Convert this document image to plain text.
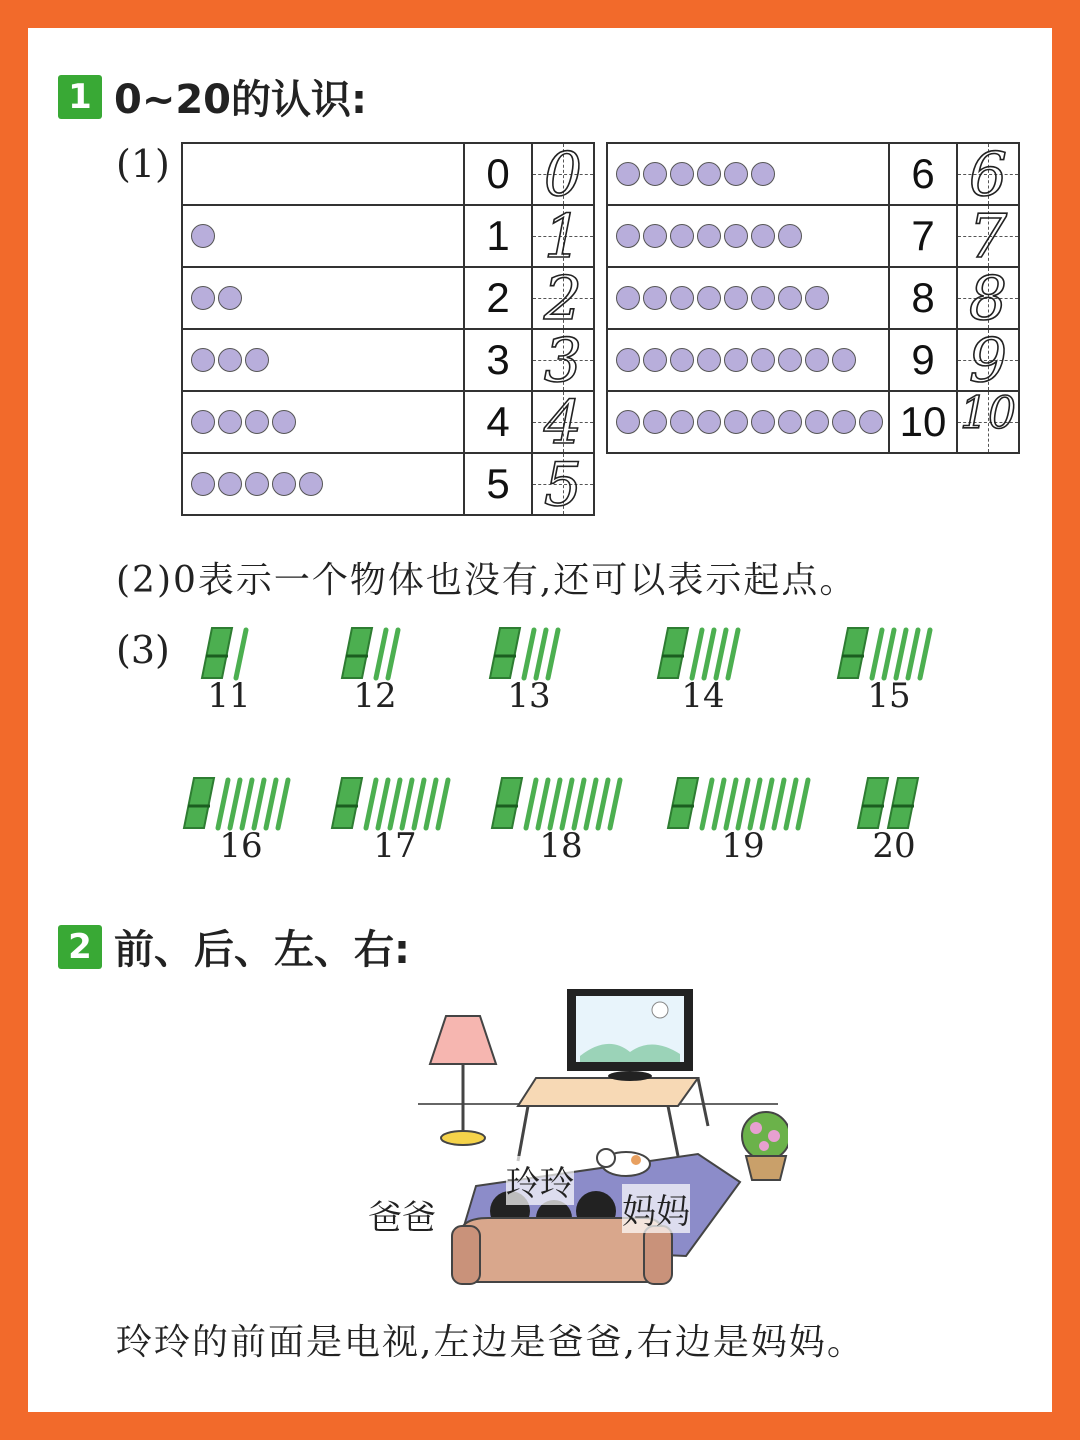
1 0~20的认识:
(1)
		0	0

	1	1

	2	2

	3	3

	4	4

	5	5
	6	6

	7	7

	8	8

	9	9

	10	10
(2)0表示一个物体也没有,还可以表示起点。
(3)
11	12	13	14	15
16	17	18	19	20
2 前、后、左、右:
玲玲
爸爸	妈妈
玲玲的前面是电视,左边是爸爸,右边是妈妈。
